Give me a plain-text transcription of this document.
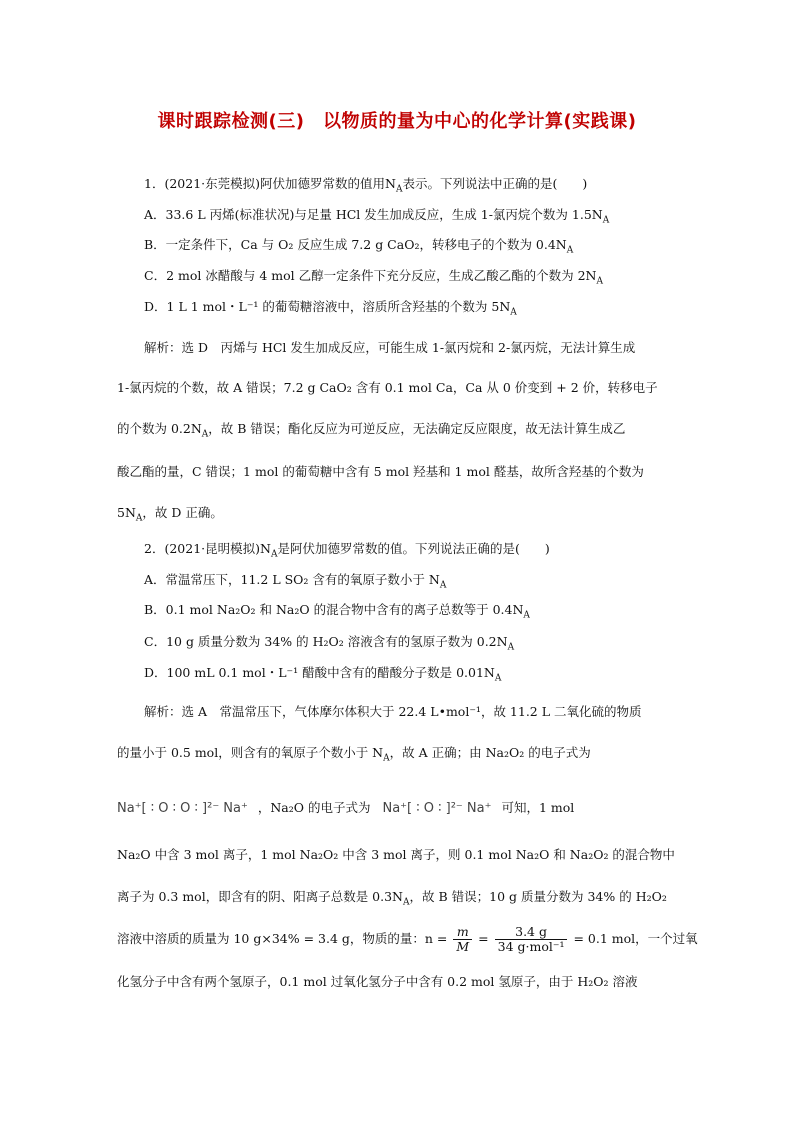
课时跟踪检测(三)　以物质的量为中心的化学计算(实践课)
1．(2021·东莞模拟)阿伏加德罗常数的值用$N_A$表示。下列说法中正确的是(　　)
A．33.6 L 丙烯(标准状况)与足量 HCl 发生加成反应，生成 1-氯丙烷个数为 $1.5N_A$
B．一定条件下，Ca 与 O₂ 反应生成 7.2 g CaO₂，转移电子的个数为 $0.4N_A$
C．2 mol 冰醋酸与 4 mol 乙醇一定条件下充分反应，生成乙酸乙酯的个数为 $2N_A$
D．1 L 1 mol・L⁻¹ 的葡萄糖溶液中，溶质所含羟基的个数为 $5N_A$
解析：选 D　丙烯与 HCl 发生加成反应，可能生成 1-氯丙烷和 2-氯丙烷，无法计算生成
1-氯丙烷的个数，故 A 错误；7.2 g CaO₂ 含有 0.1 mol Ca，Ca 从 0 价变到 + 2 价，转移电子
的个数为 $0.2N_A$，故 B 错误；酯化反应为可逆反应，无法确定反应限度，故无法计算生成乙
酸乙酯的量，C 错误；1 mol 的葡萄糖中含有 5 mol 羟基和 1 mol 醛基，故所含羟基的个数为
$5N_A$，故 D 正确。
2．(2021·昆明模拟)$N_A$是阿伏加德罗常数的值。下列说法正确的是(　　)
A．常温常压下，11.2 L SO₂ 含有的氧原子数小于 $N_A$
B．0.1 mol Na₂O₂ 和 Na₂O 的混合物中含有的离子总数等于 $0.4N_A$
C．10 g 质量分数为 34% 的 H₂O₂ 溶液含有的氢原子数为 $0.2N_A$
D．100 mL 0.1 mol・L⁻¹ 醋酸中含有的醋酸分子数是 $0.01N_A$
解析：选 A　常温常压下，气体摩尔体积大于 22.4 L•mol⁻¹，故 11.2 L 二氧化硫的物质
的量小于 0.5 mol，则含有的氧原子个数小于 $N_A$，故 A 正确；由 Na₂O₂ 的电子式为
Na⁺[ ∶ O ∶ O ∶ ]²⁻ Na⁺ ，Na₂O 的电子式为 Na⁺[ ∶ O ∶ ]²⁻ Na⁺ 可知，1 mol
Na₂O 中含 3 mol 离子，1 mol Na₂O₂ 中含 3 mol 离子，则 0.1 mol Na₂O 和 Na₂O₂ 的混合物中
离子为 0.3 mol，即含有的阴、阳离子总数是 $0.3N_A$，故 B 错误；10 g 质量分数为 34% 的 H₂O₂
溶液中溶质的质量为 10 g×34% = 3.4 g，物质的量：$n = \frac{m}{M} = \frac{3.4 g}{\text{34 g·mol⁻¹}} = 0.1$ mol，一个过氧
化氢分子中含有两个氢原子，0.1 mol 过氧化氢分子中含有 0.2 mol 氢原子，由于 H₂O₂ 溶液
